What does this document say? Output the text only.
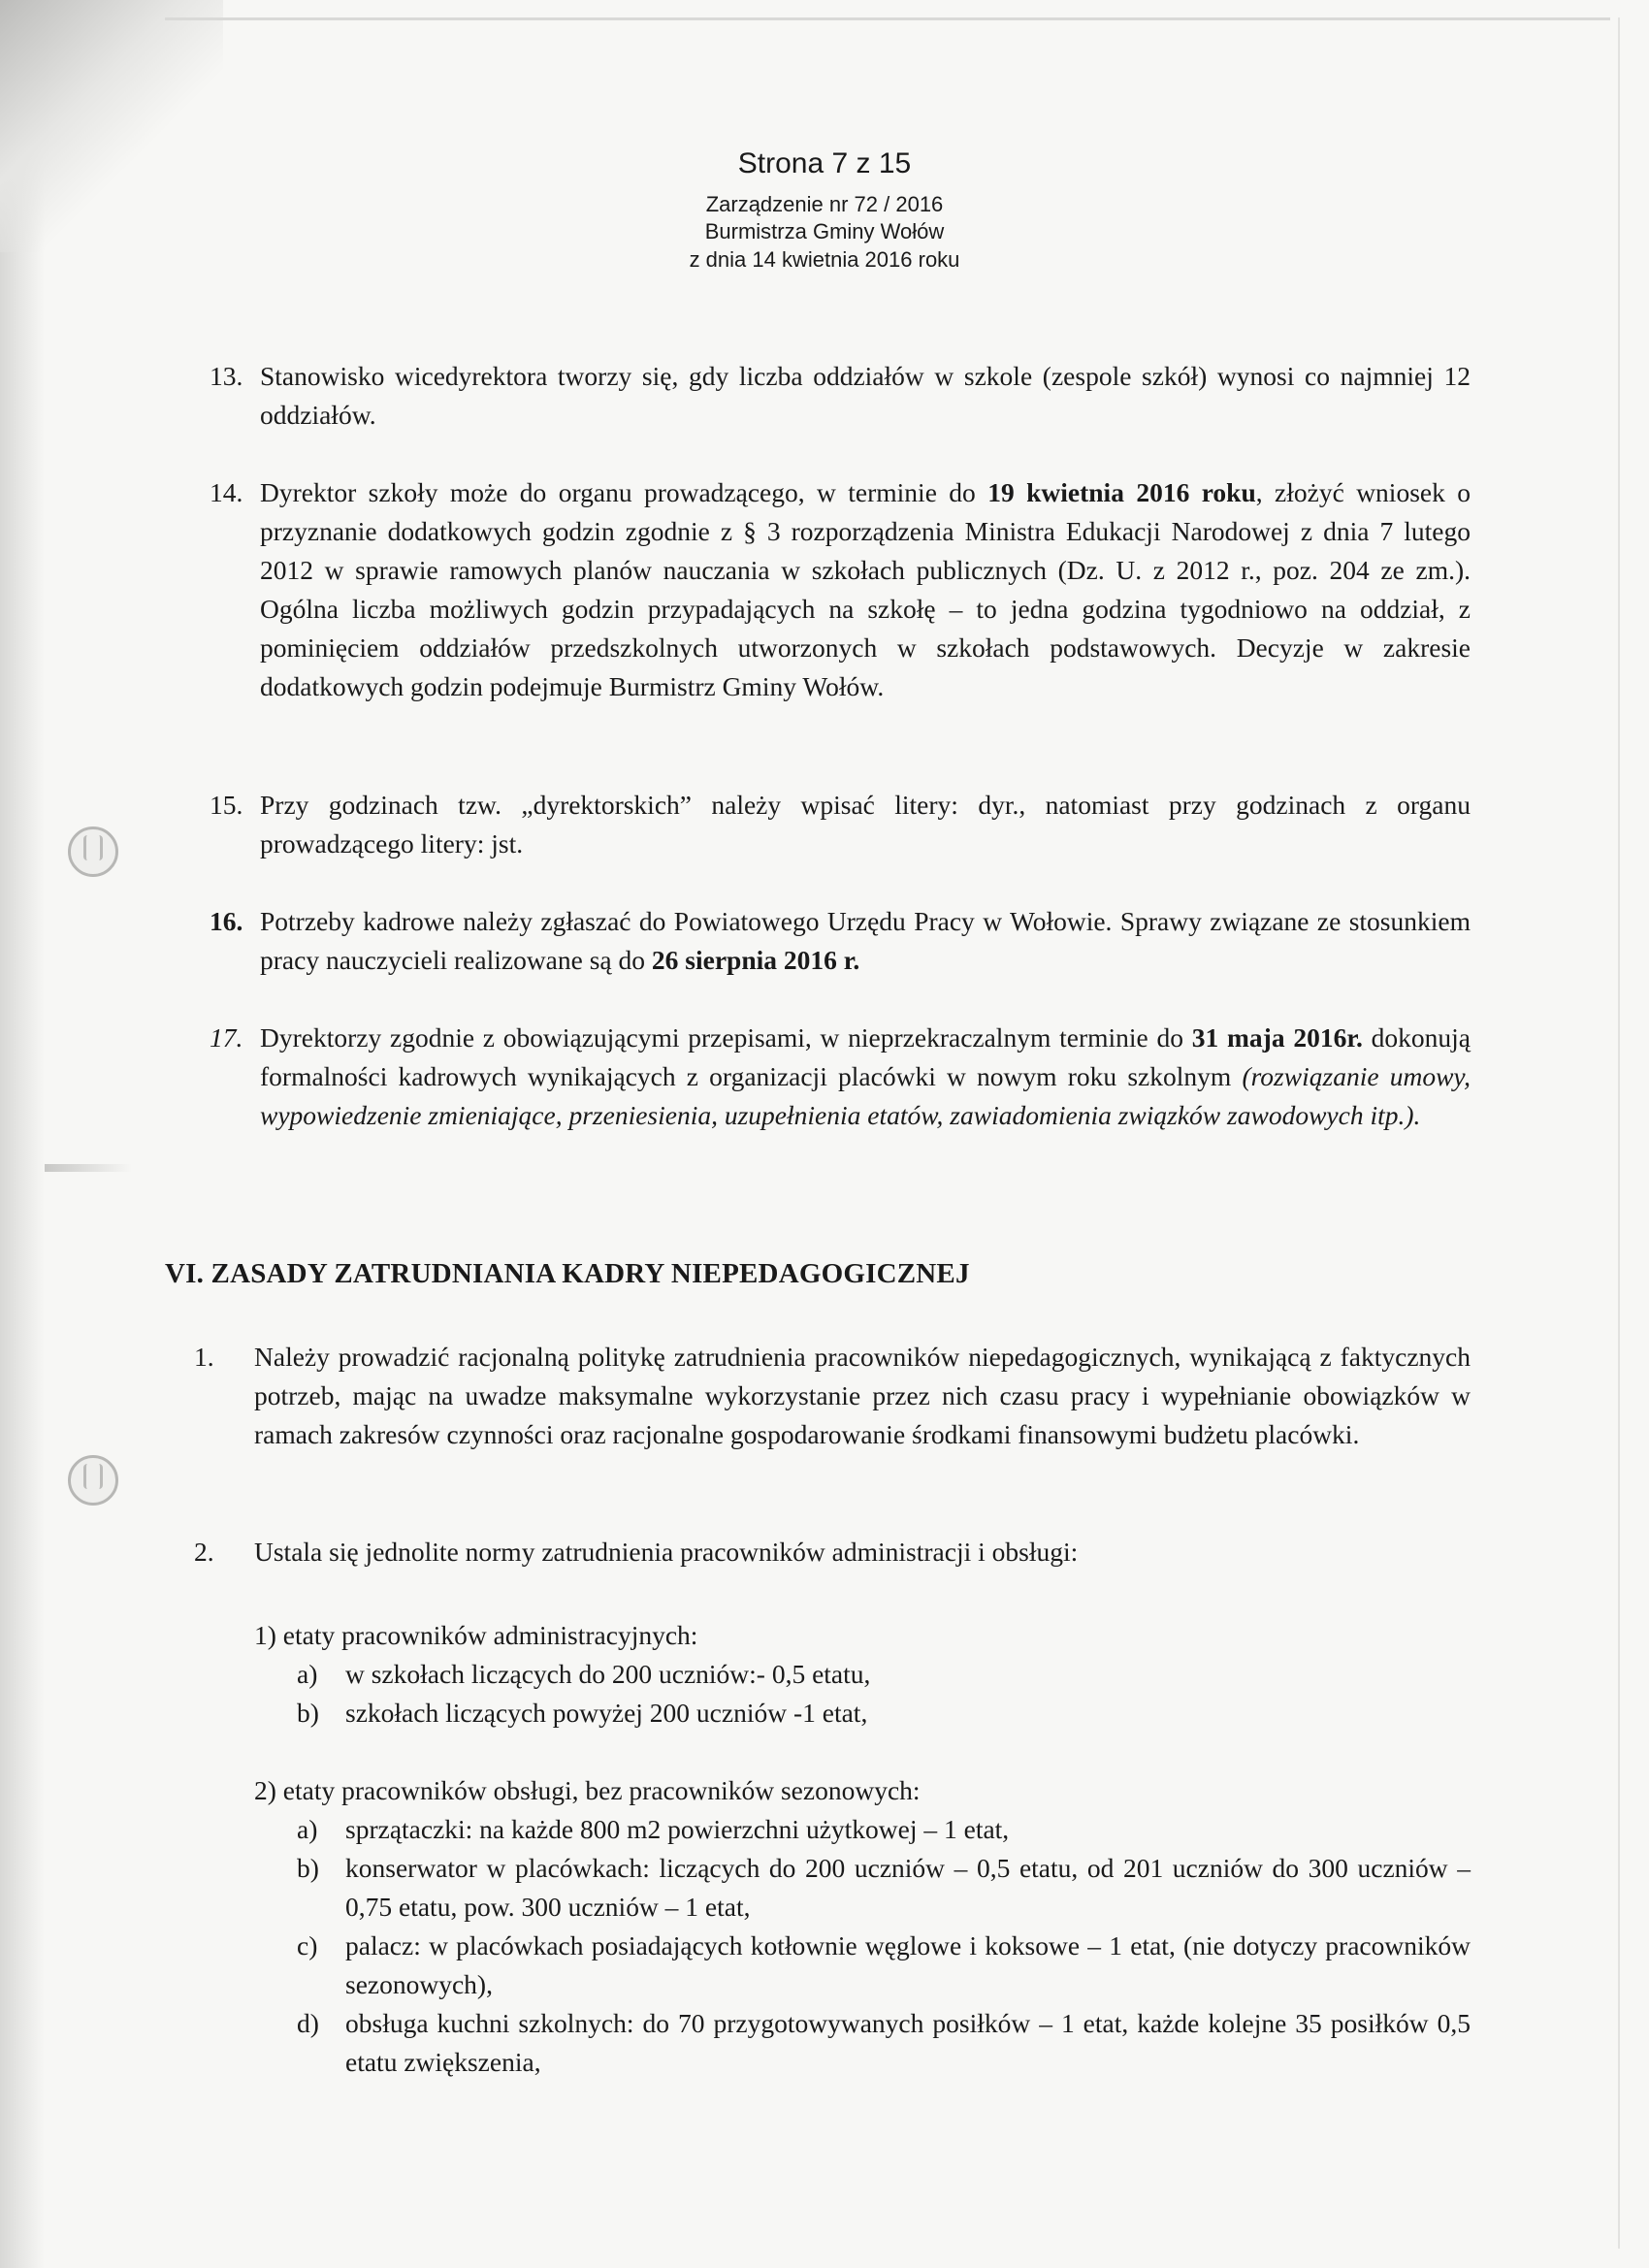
Strona 7 z 15
Zarządzenie nr 72 / 2016
Burmistrza Gminy Wołów
z dnia 14 kwietnia 2016 roku
13. Stanowisko wicedyrektora tworzy się, gdy liczba oddziałów w szkole (zespole szkół) wynosi co najmniej 12 oddziałów.
14. Dyrektor szkoły może do organu prowadzącego, w terminie do 19 kwietnia 2016 roku, złożyć wniosek o przyznanie dodatkowych godzin zgodnie z § 3 rozporządzenia Ministra Edukacji Narodowej z dnia 7 lutego 2012 w sprawie ramowych planów nauczania w szkołach publicznych (Dz. U. z 2012 r., poz. 204 ze zm.). Ogólna liczba możliwych godzin przypadających na szkołę – to jedna godzina tygodniowo na oddział, z pominięciem oddziałów przedszkolnych utworzonych w szkołach podstawowych. Decyzje w zakresie dodatkowych godzin podejmuje Burmistrz Gminy Wołów.
15. Przy godzinach tzw. „dyrektorskich” należy wpisać litery: dyr., natomiast przy godzinach z organu prowadzącego litery: jst.
16. Potrzeby kadrowe należy zgłaszać do Powiatowego Urzędu Pracy w Wołowie. Sprawy związane ze stosunkiem pracy nauczycieli realizowane są do 26 sierpnia 2016 r.
17. Dyrektorzy zgodnie z obowiązującymi przepisami, w nieprzekraczalnym terminie do 31 maja 2016r. dokonują formalności kadrowych wynikających z organizacji placówki w nowym roku szkolnym (rozwiązanie umowy, wypowiedzenie zmieniające, przeniesienia, uzupełnienia etatów, zawiadomienia związków zawodowych itp.).
VI. ZASADY ZATRUDNIANIA KADRY NIEPEDAGOGICZNEJ
1. Należy prowadzić racjonalną politykę zatrudnienia pracowników niepedagogicznych, wynikającą z faktycznych potrzeb, mając na uwadze maksymalne wykorzystanie przez nich czasu pracy i wypełnianie obowiązków w ramach zakresów czynności oraz racjonalne gospodarowanie środkami finansowymi budżetu placówki.
2. Ustala się jednolite normy zatrudnienia pracowników administracji i obsługi:
1) etaty pracowników administracyjnych:
a) w szkołach liczących do 200 uczniów:- 0,5 etatu,
b) szkołach liczących powyżej 200 uczniów -1 etat,
2) etaty pracowników obsługi, bez pracowników sezonowych:
a) sprzątaczki: na każde 800 m2 powierzchni użytkowej – 1 etat,
b) konserwator w placówkach: liczących do 200 uczniów – 0,5 etatu, od 201 uczniów do 300 uczniów – 0,75 etatu, pow. 300 uczniów – 1 etat,
c) palacz: w placówkach posiadających kotłownie węglowe i koksowe – 1 etat, (nie dotyczy pracowników sezonowych),
d) obsługa kuchni szkolnych: do 70 przygotowywanych posiłków – 1 etat, każde kolejne 35 posiłków 0,5 etatu zwiększenia,
